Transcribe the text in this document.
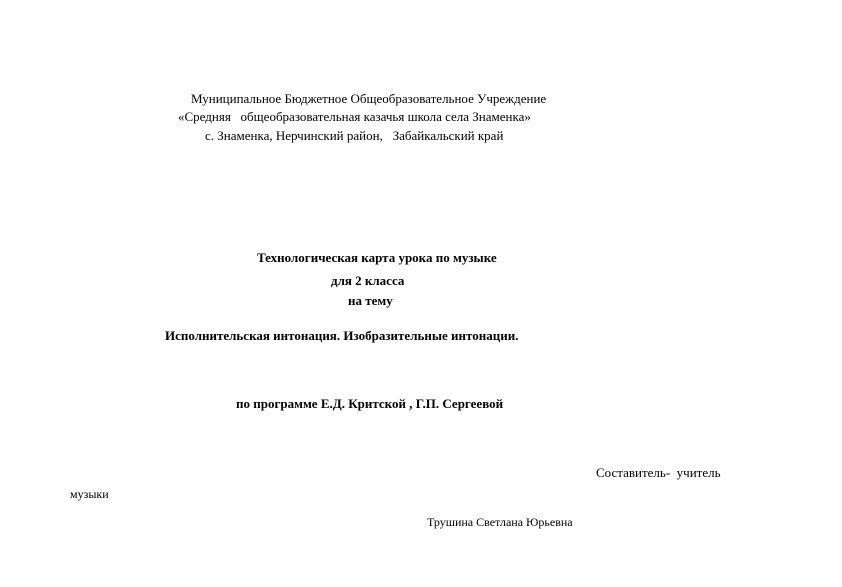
Муниципальное Бюджетное Общеобразовательное Учреждение
«Средняя   общеобразовательная казачья школа села Знаменка»
с. Знаменка, Нерчинский район,   Забайкальский край
Технологическая карта урока по музыке
для 2 класса
на тему
Исполнительская интонация. Изобразительные интонации.
по программе Е.Д. Критской , Г.П. Сергеевой
Составитель-  учитель
музыки
Трушина Светлана Юрьевна
